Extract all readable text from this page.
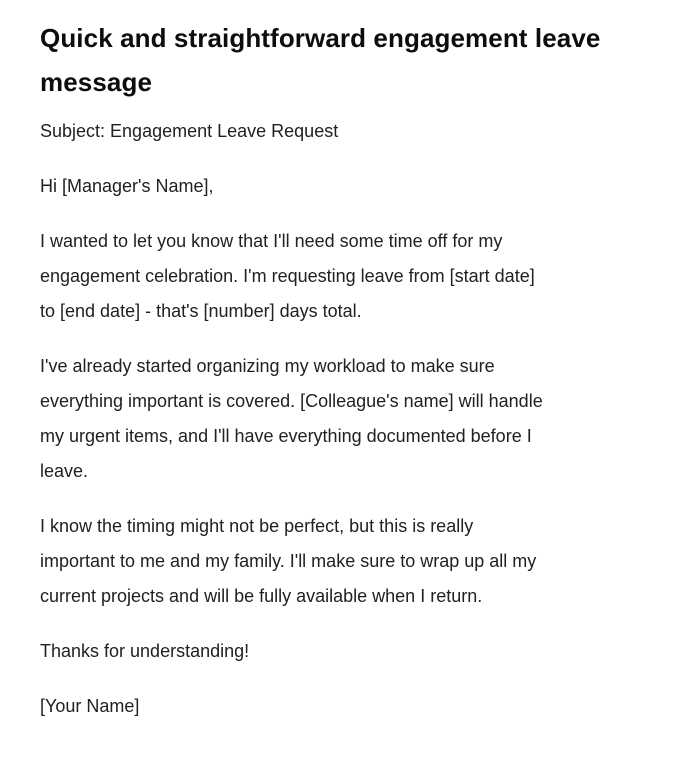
Quick and straightforward engagement leave
message

Subject: Engagement Leave Request

Hi [Manager's Name],

I wanted to let you know that I'll need some time off for my
engagement celebration. I'm requesting leave from [start date]
to [end date] - that's [number] days total.

I've already started organizing my workload to make sure
everything important is covered. [Colleague's name] will handle
my urgent items, and I'll have everything documented before I
leave.

I know the timing might not be perfect, but this is really
important to me and my family. I'll make sure to wrap up all my
current projects and will be fully available when I return.

Thanks for understanding!

[Your Name]
